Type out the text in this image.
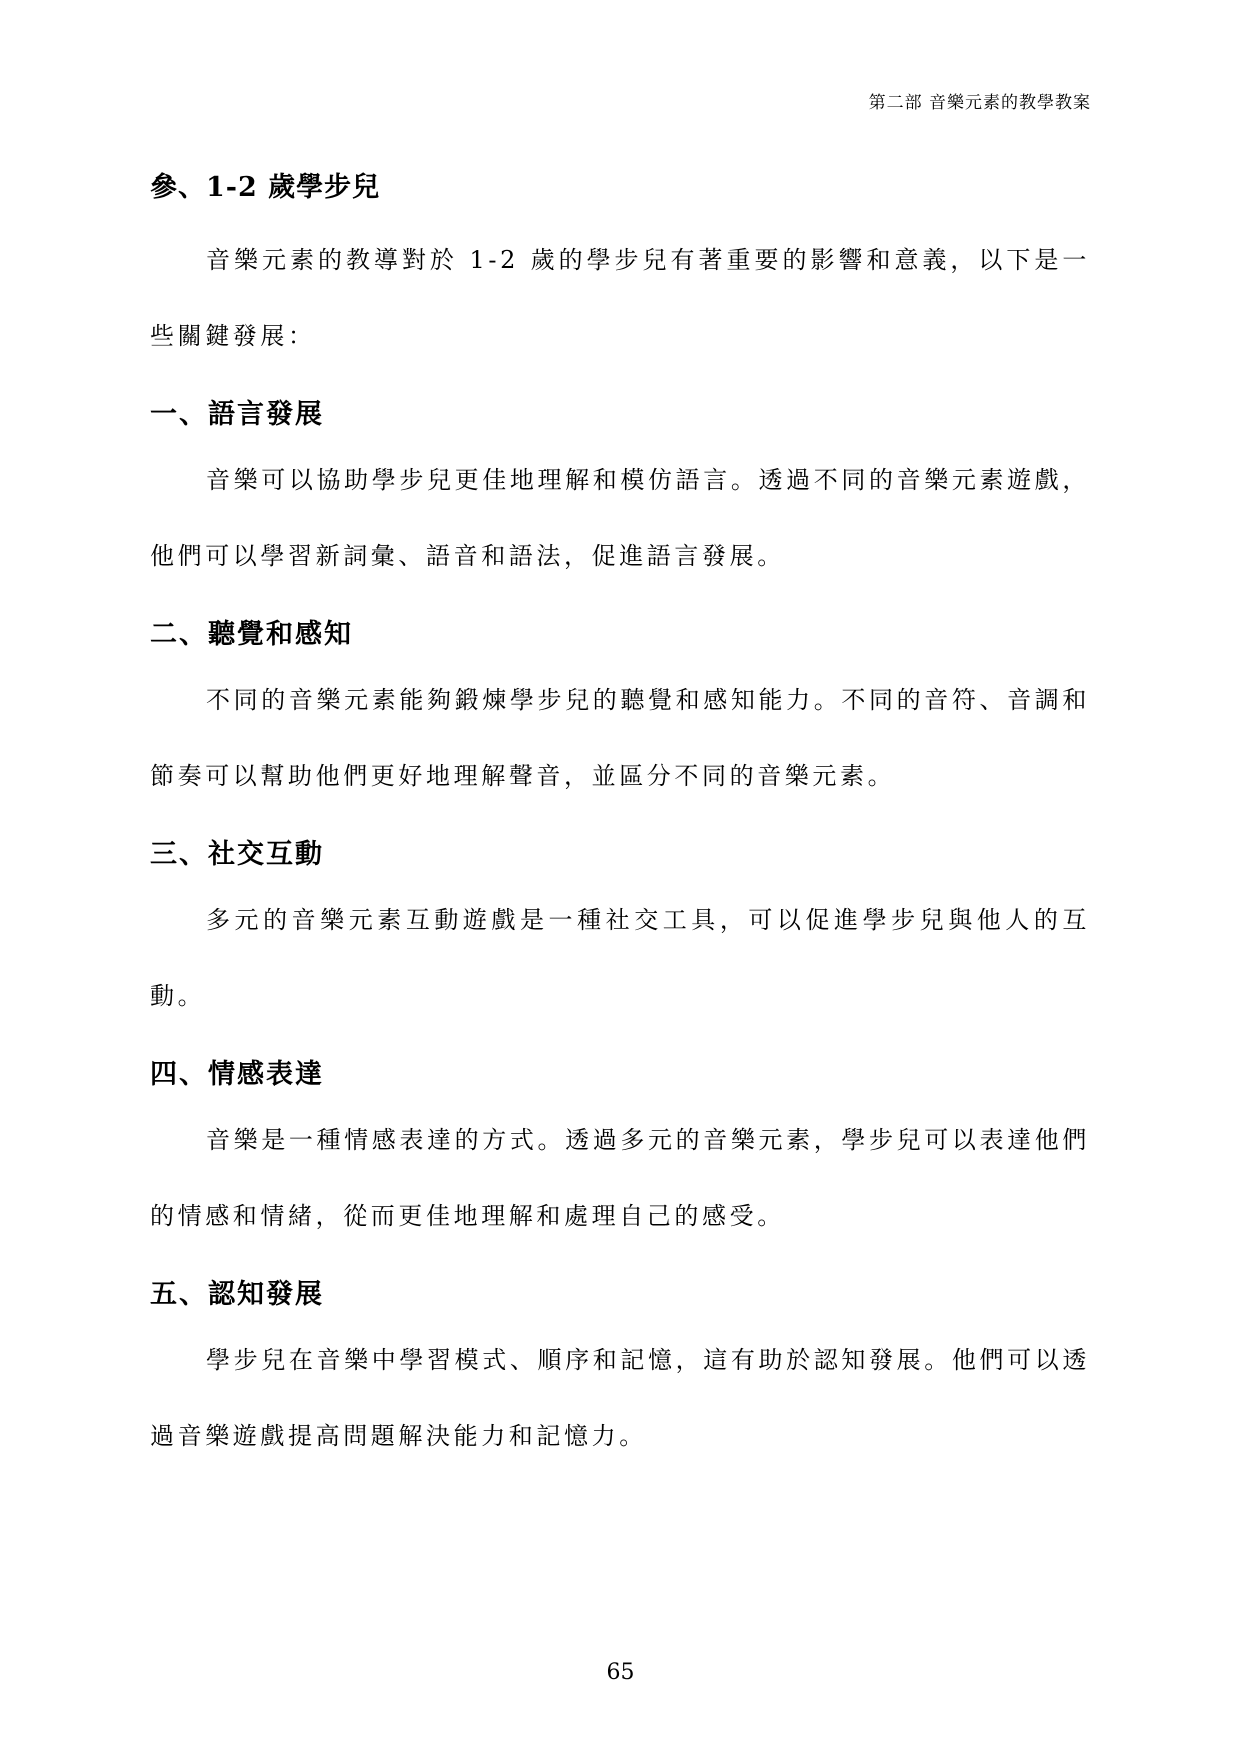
第二部 音樂元素的教學教案
參、1-2 歲學步兒

音樂元素的教導對於 1-2 歲的學步兒有著重要的影響和意義，以下是一些關鍵發展：

一、語言發展

音樂可以協助學步兒更佳地理解和模仿語言。透過不同的音樂元素遊戲，他們可以學習新詞彙、語音和語法，促進語言發展。

二、聽覺和感知

不同的音樂元素能夠鍛煉學步兒的聽覺和感知能力。不同的音符、音調和節奏可以幫助他們更好地理解聲音，並區分不同的音樂元素。

三、社交互動

多元的音樂元素互動遊戲是一種社交工具，可以促進學步兒與他人的互動。

四、情感表達

音樂是一種情感表達的方式。透過多元的音樂元素，學步兒可以表達他們的情感和情緒，從而更佳地理解和處理自己的感受。

五、認知發展

學步兒在音樂中學習模式、順序和記憶，這有助於認知發展。他們可以透過音樂遊戲提高問題解決能力和記憶力。

65
